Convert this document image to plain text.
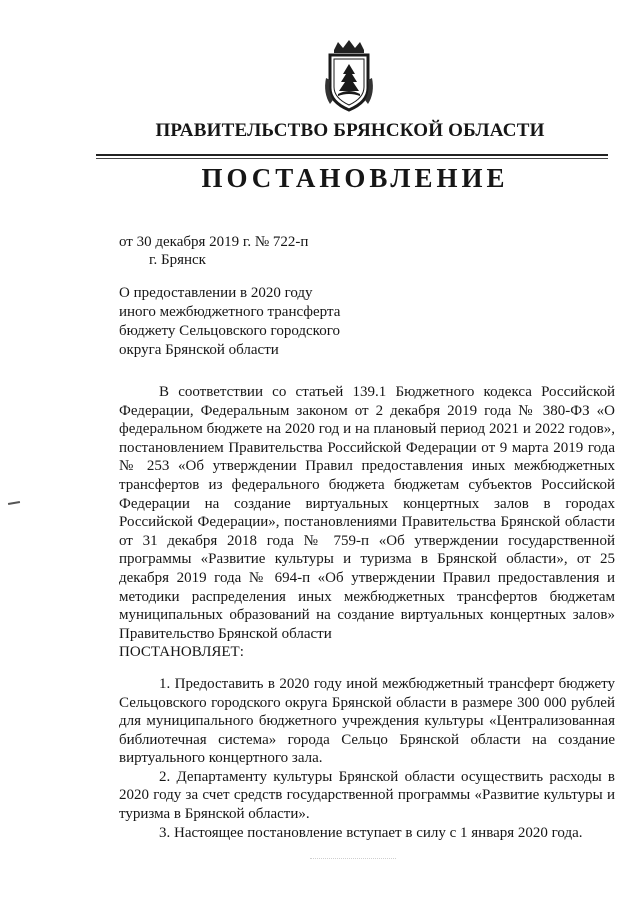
ПРАВИТЕЛЬСТВО БРЯНСКОЙ ОБЛАСТИ
ПОСТАНОВЛЕНИЕ
от 30 декабря 2019 г. № 722-п
г. Брянск

О предоставлении в 2020 году

иного межбюджетного трансферта

бюджету Сельцовского городского

округа Брянской области

В соответствии со статьей 139.1 Бюджетного кодекса Российской Федерации, Федеральным законом от 2 декабря 2019 года № 380-ФЗ «О федеральном бюджете на 2020 год и на плановый период 2021 и 2022 годов», постановлением Правительства Российской Федерации от 9 марта 2019 года № 253 «Об утверждении Правил предоставления иных межбюджетных трансфертов из федерального бюджета бюджетам субъектов Российской Федерации на создание виртуальных концертных залов в городах Российской Федерации», постановлениями Правительства Брянской области от 31 декабря 2018 года № 759-п «Об утверждении государственной программы «Развитие культуры и туризма в Брянской области», от 25 декабря 2019 года № 694-п «Об утверждении Правил предоставления и методики распределения иных межбюджетных трансфертов бюджетам муниципальных образований на создание виртуальных концертных залов» Правительство Брянской области

ПОСТАНОВЛЯЕТ:

1. Предоставить в 2020 году иной межбюджетный трансферт бюджету Сельцовского городского округа Брянской области в размере 300 000 рублей для муниципального бюджетного учреждения культуры «Централизованная библиотечная система» города Сельцо Брянской области на создание виртуального концертного зала.

2. Департаменту культуры Брянской области осуществить расходы в 2020 году за счет средств государственной программы «Развитие культуры и туризма в Брянской области».

3. Настоящее постановление вступает в силу с 1 января 2020 года.
